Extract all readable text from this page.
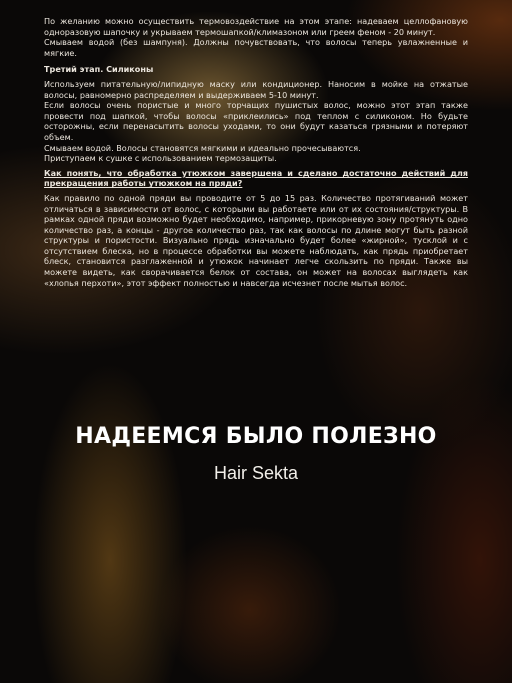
По желанию можно осуществить термовоздействие на этом этапе: надеваем целлофановую одноразовую шапочку и укрываем термошапкой/климазоном или греем феном - 20 минут.
Смываем водой (без шампуня). Должны почувствовать, что волосы теперь увлажненные и мягкие.

Третий этап. Силиконы

Используем питательную/липидную маску или кондиционер. Наносим в мойке на отжатые волосы, равномерно распределяем и выдерживаем 5-10 минут.
Если волосы очень пористые и много торчащих пушистых волос, можно этот этап также провести под шапкой, чтобы волосы «приклеились» под теплом с силиконом. Но будьте осторожны, если перенасытить волосы уходами, то они будут казаться грязными и потеряют объем.
Смываем водой. Волосы становятся мягкими и идеально прочесываются.
Приступаем к сушке с использованием термозащиты.

Как понять, что обработка утюжком завершена и сделано достаточно действий для прекращения работы утюжком на пряди?

Как правило по одной пряди вы проводите от 5 до 15 раз. Количество протягиваний может отличаться в зависимости от волос, с которыми вы работаете или от их состояния/структуры. В рамках одной пряди возможно будет необходимо, например, прикорневую зону протянуть одно количество раз, а концы - другое количество раз, так как волосы по длине могут быть разной структуры и пористости. Визуально прядь изначально будет более «жирной», тусклой и с отсутствием блеска, но в процессе обработки вы можете наблюдать, как прядь приобретает блеск, становится разглаженной и утюжок начинает легче скользить по пряди. Также вы можете видеть, как сворачивается белок от состава, он может на волосах выглядеть как «хлопья перхоти», этот эффект полностью и навсегда исчезнет после мытья волос.

НАДЕЕМСЯ БЫЛО ПОЛЕЗНО
Hair Sekta
